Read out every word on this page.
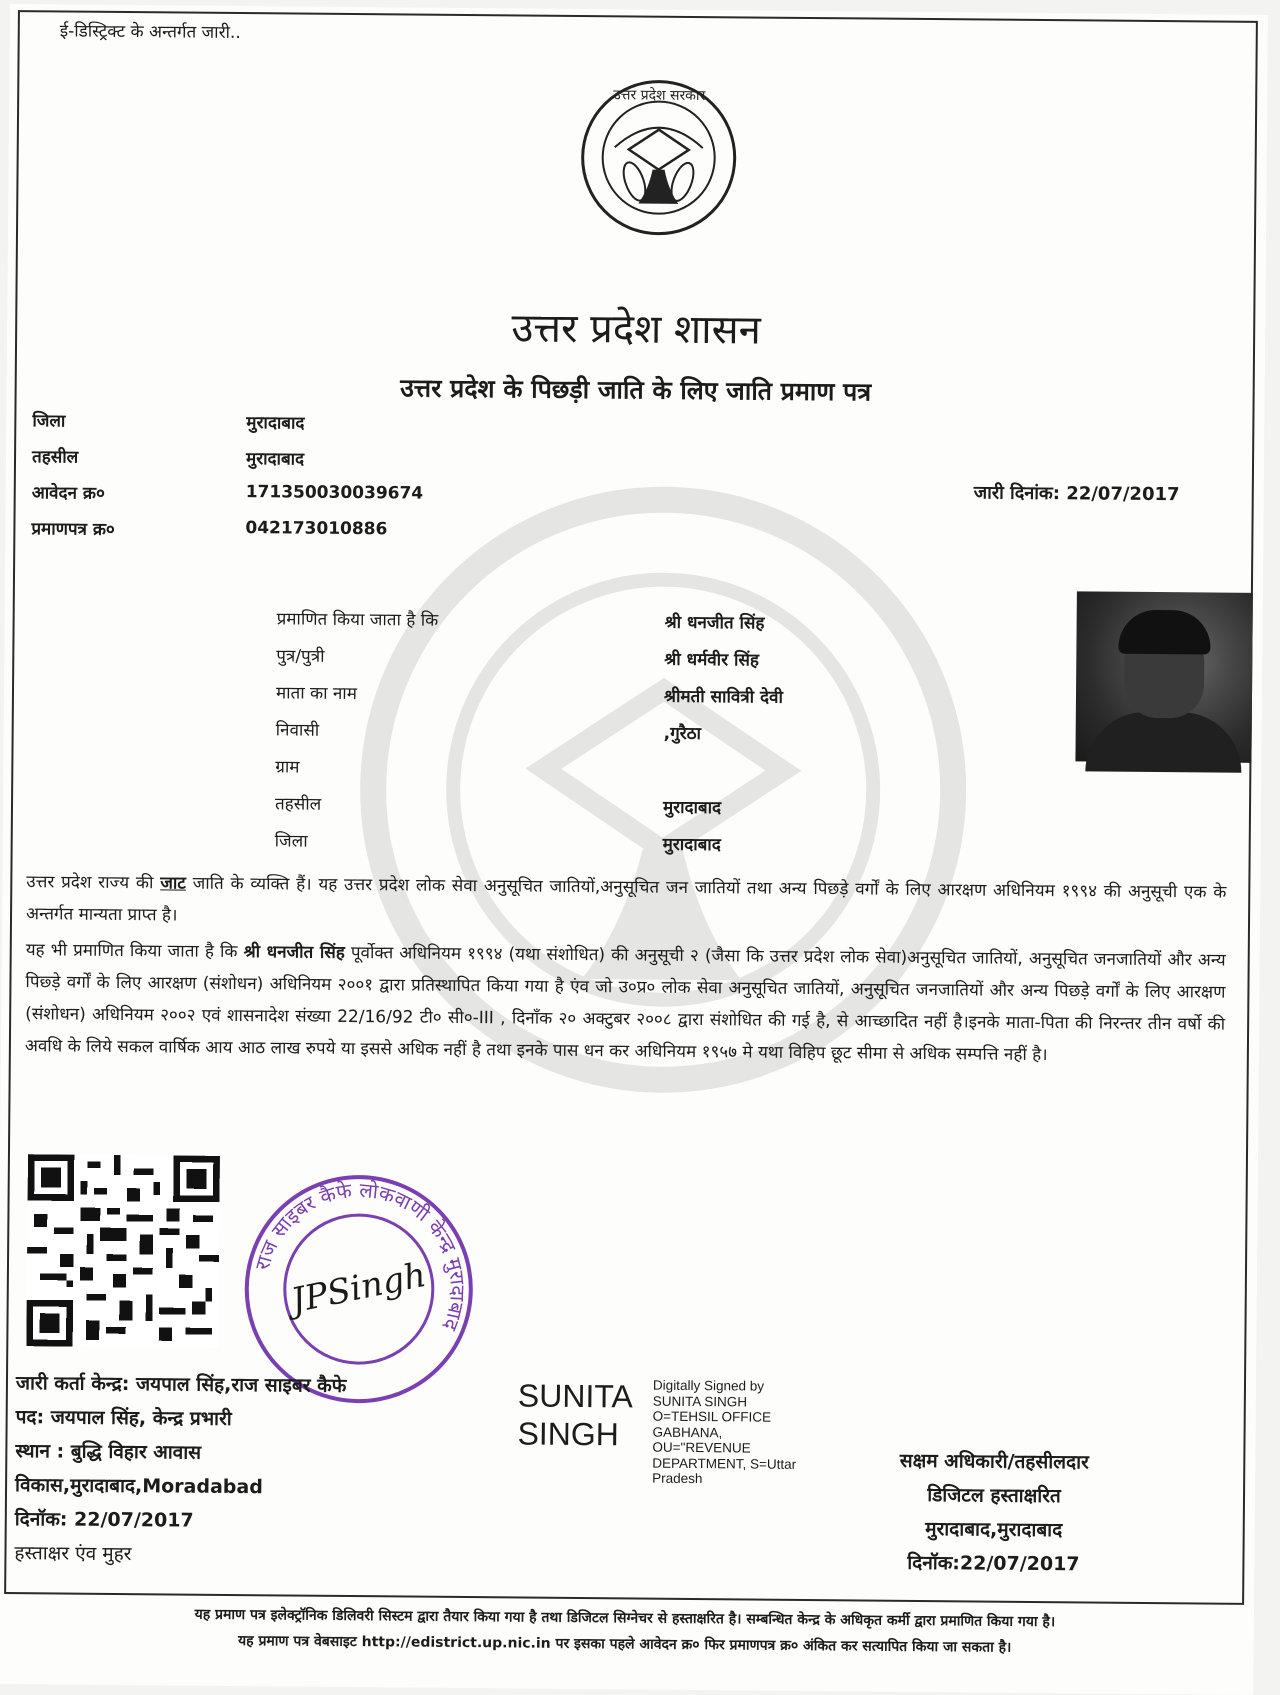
ई-डिस्ट्रिक्ट के अन्तर्गत जारी..
उत्तर प्रदेश सरकार
उत्तर प्रदेश शासन
उत्तर प्रदेश के पिछड़ी जाति के लिए जाति प्रमाण पत्र
जिला	मुरादाबाद
तहसील	मुरादाबाद
आवेदन क्र०	171350030039674
प्रमाणपत्र क्र०	042173010886
जारी दिनांक: 22/07/2017
प्रमाणित किया जाता है कि	श्री धनजीत सिंह
पुत्र/पुत्री	श्री धर्मवीर सिंह
माता का नाम	श्रीमती सावित्री देवी
निवासी	,गुरैठा
ग्राम
तहसील	मुरादाबाद
जिला	मुरादाबाद
उत्तर प्रदेश राज्य की जाट जाति के व्यक्ति हैं। यह उत्तर प्रदेश लोक सेवा अनुसूचित जातियों,अनुसूचित जन जातियों तथा अन्य पिछड़े वर्गों के लिए आरक्षण अधिनियम १९९४ की अनुसूची एक के अन्तर्गत मान्यता प्राप्त है।
यह भी प्रमाणित किया जाता है कि श्री धनजीत सिंह पूर्वोक्त अधिनियम १९९४ (यथा संशोधित) की अनुसूची २ (जैसा कि उत्तर प्रदेश लोक सेवा)अनुसूचित जातियों, अनुसूचित जनजातियों और अन्य पिछ्ड़े वर्गों के लिए आरक्षण (संशोधन) अधिनियम २००१ द्वारा प्रतिस्थापित किया गया है एंव जो उ०प्र० लोक सेवा अनुसूचित जातियों, अनुसूचित जनजातियों और अन्य पिछड़े वर्गों के लिए आरक्षण (संशोधन) अधिनियम २००२ एवं शासनादेश संख्या 22/16/92 टी० सी०-III , दिनाँक २० अक्टुबर २००८ द्वारा संशोधित की गई है, से आच्छादित नहीं है।इनके माता-पिता की निरन्तर तीन वर्षो की अवधि के लिये सकल वार्षिक आय आठ लाख रुपये या इससे अधिक नहीं है तथा इनके पास धन कर अधिनियम १९५७ मे यथा विहिप छूट सीमा से अधिक सम्पत्ति नहीं है।
राज साइबर कैफे लोकवाणी केन्द्र मुरादाबाद
JPSingh
जारी कर्ता केन्द्र: जयपाल सिंह,राज साइबर कैफे
पद: जयपाल सिंह, केन्द्र प्रभारी
स्थान : बुद्धि विहार आवास
विकास,मुरादाबाद,Moradabad
दिनॉक: 22/07/2017
हस्ताक्षर एंव मुहर
SUNITA
SINGH
Digitally Signed by
SUNITA SINGH
O=TEHSIL OFFICE
GABHANA,
OU="REVENUE
DEPARTMENT, S=Uttar
Pradesh
सक्षम अधिकारी/तहसीलदार
डिजिटल हस्ताक्षरित
मुरादाबाद,मुरादाबाद
दिनॉक:22/07/2017
यह प्रमाण पत्र इलेक्ट्रॉनिक डिलिवरी सिस्टम द्वारा तैयार किया गया है तथा डिजिटल सिग्नेचर से हस्ताक्षरित है। सम्बन्धित केन्द्र के अधिकृत कर्मी द्वारा प्रमाणित किया गया है।
यह प्रमाण पत्र वेबसाइट http://edistrict.up.nic.in पर इसका पहले आवेदन क्र० फिर प्रमाणपत्र क्र० अंकित कर सत्यापित किया जा सकता है।
